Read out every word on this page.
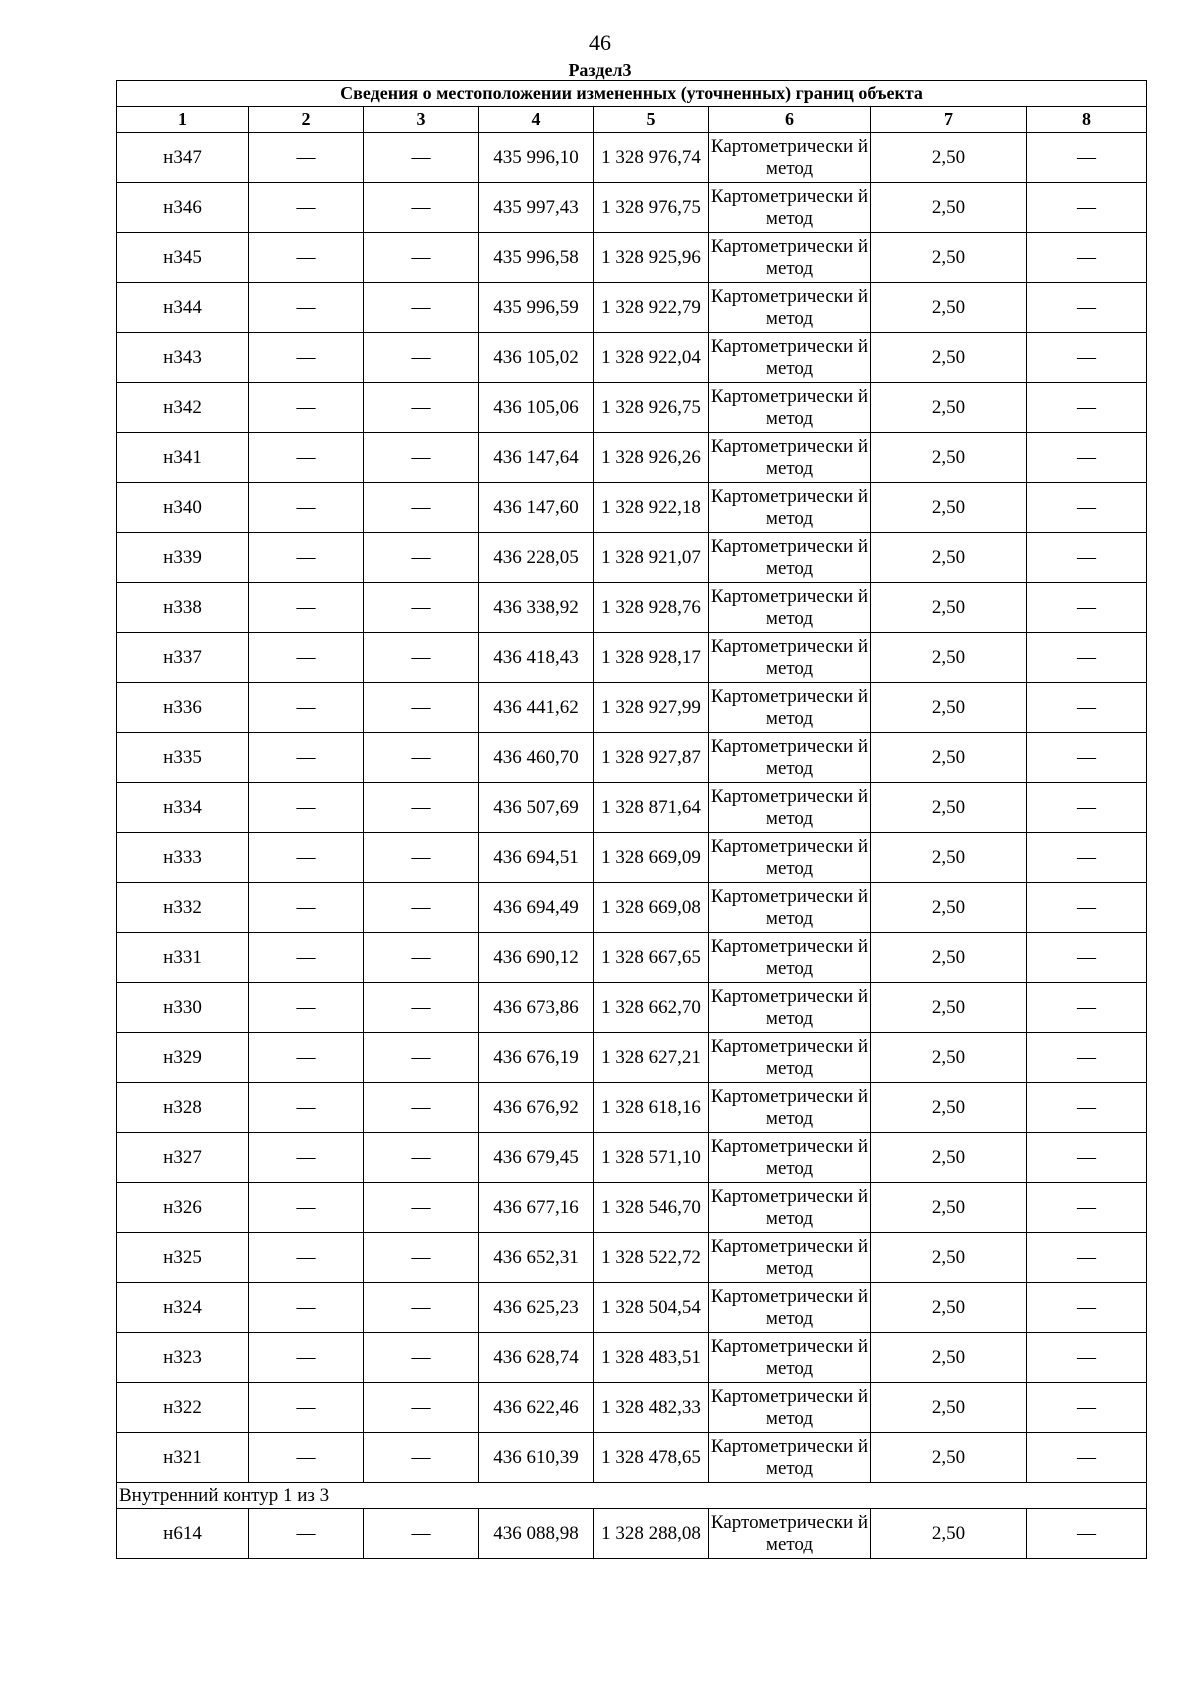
46
Раздел3
Сведения о местоположении измененных (уточненных) границ объекта							
1	2	3	4	5	6	7	8
н347	—	—	435 996,10	1 328 976,74	Картометрически й метод	2,50	—
н346	—	—	435 997,43	1 328 976,75	Картометрически й метод	2,50	—
н345	—	—	435 996,58	1 328 925,96	Картометрически й метод	2,50	—
н344	—	—	435 996,59	1 328 922,79	Картометрически й метод	2,50	—
н343	—	—	436 105,02	1 328 922,04	Картометрически й метод	2,50	—
н342	—	—	436 105,06	1 328 926,75	Картометрически й метод	2,50	—
н341	—	—	436 147,64	1 328 926,26	Картометрически й метод	2,50	—
н340	—	—	436 147,60	1 328 922,18	Картометрически й метод	2,50	—
н339	—	—	436 228,05	1 328 921,07	Картометрически й метод	2,50	—
н338	—	—	436 338,92	1 328 928,76	Картометрически й метод	2,50	—
н337	—	—	436 418,43	1 328 928,17	Картометрически й метод	2,50	—
н336	—	—	436 441,62	1 328 927,99	Картометрически й метод	2,50	—
н335	—	—	436 460,70	1 328 927,87	Картометрически й метод	2,50	—
н334	—	—	436 507,69	1 328 871,64	Картометрически й метод	2,50	—
н333	—	—	436 694,51	1 328 669,09	Картометрически й метод	2,50	—
н332	—	—	436 694,49	1 328 669,08	Картометрически й метод	2,50	—
н331	—	—	436 690,12	1 328 667,65	Картометрически й метод	2,50	—
н330	—	—	436 673,86	1 328 662,70	Картометрически й метод	2,50	—
н329	—	—	436 676,19	1 328 627,21	Картометрически й метод	2,50	—
н328	—	—	436 676,92	1 328 618,16	Картометрически й метод	2,50	—
н327	—	—	436 679,45	1 328 571,10	Картометрически й метод	2,50	—
н326	—	—	436 677,16	1 328 546,70	Картометрически й метод	2,50	—
н325	—	—	436 652,31	1 328 522,72	Картометрически й метод	2,50	—
н324	—	—	436 625,23	1 328 504,54	Картометрически й метод	2,50	—
н323	—	—	436 628,74	1 328 483,51	Картометрически й метод	2,50	—
н322	—	—	436 622,46	1 328 482,33	Картометрически й метод	2,50	—
н321	—	—	436 610,39	1 328 478,65	Картометрически й метод	2,50	—
Внутренний контур 1 из 3							
н614	—	—	436 088,98	1 328 288,08	Картометрически й метод	2,50	—
